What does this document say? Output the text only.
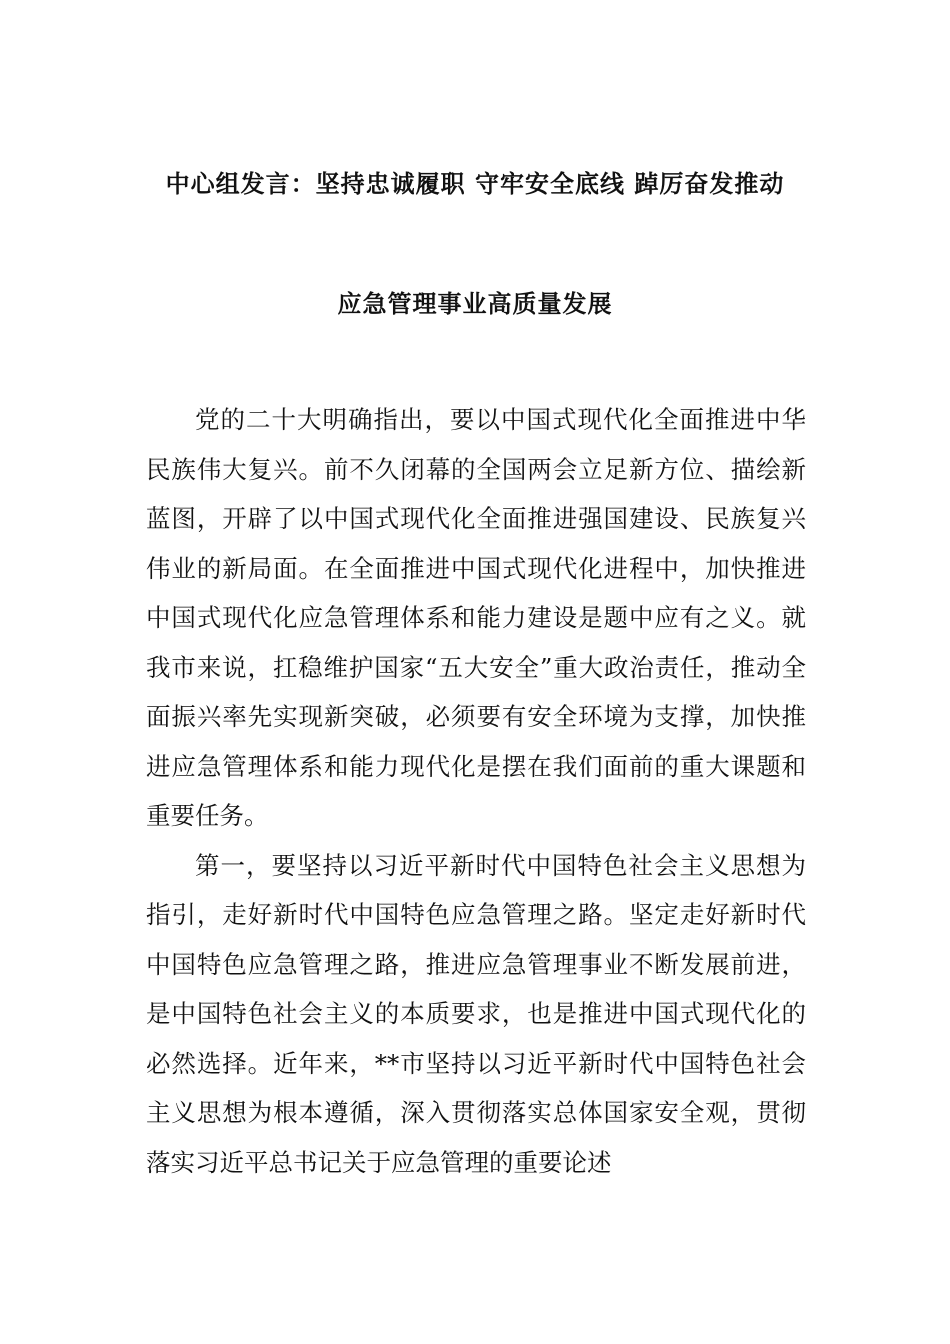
中心组发言：坚持忠诚履职 守牢安全底线 踔厉奋发推动
应急管理事业高质量发展

党的二十大明确指出，要以中国式现代化全面推进中华民族伟大复兴。前不久闭幕的全国两会立足新方位、描绘新蓝图，开辟了以中国式现代化全面推进强国建设、民族复兴伟业的新局面。在全面推进中国式现代化进程中，加快推进中国式现代化应急管理体系和能力建设是题中应有之义。就我市来说，扛稳维护国家“五大安全”重大政治责任，推动全面振兴率先实现新突破，必须要有安全环境为支撑，加快推进应急管理体系和能力现代化是摆在我们面前的重大课题和重要任务。

第一，要坚持以习近平新时代中国特色社会主义思想为指引，走好新时代中国特色应急管理之路。坚定走好新时代中国特色应急管理之路，推进应急管理事业不断发展前进，是中国特色社会主义的本质要求，也是推进中国式现代化的必然选择。近年来，**市坚持以习近平新时代中国特色社会主义思想为根本遵循，深入贯彻落实总体国家安全观，贯彻落实习近平总书记关于应急管理的重要论述
